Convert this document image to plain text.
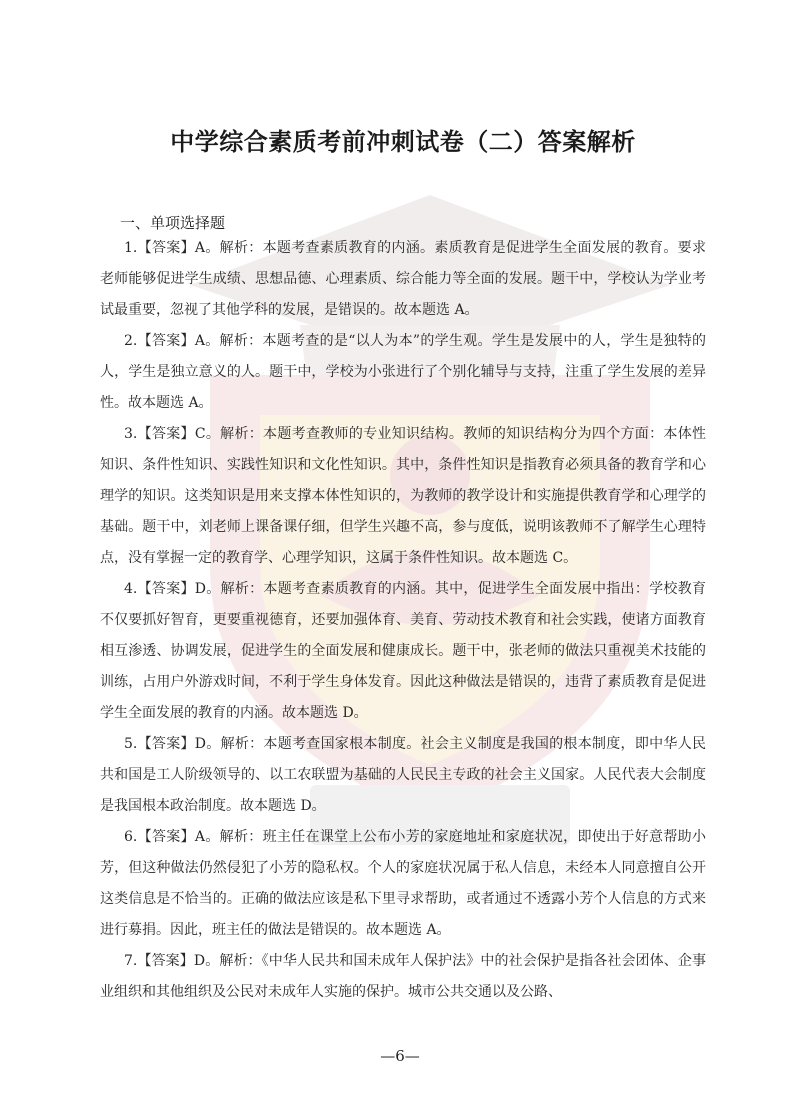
中学综合素质考前冲刺试卷（二）答案解析
一、单项选择题

1.【答案】A。解析：本题考查素质教育的内涵。素质教育是促进学生全面发展的教育。要求老师能够促进学生成绩、思想品德、心理素质、综合能力等全面的发展。题干中，学校认为学业考试最重要，忽视了其他学科的发展，是错误的。故本题选 A。

2.【答案】A。解析：本题考查的是“以人为本”的学生观。学生是发展中的人，学生是独特的人，学生是独立意义的人。题干中，学校为小张进行了个别化辅导与支持，注重了学生发展的差异性。故本题选 A。

3.【答案】C。解析：本题考查教师的专业知识结构。教师的知识结构分为四个方面：本体性知识、条件性知识、实践性知识和文化性知识。其中，条件性知识是指教育必须具备的教育学和心理学的知识。这类知识是用来支撑本体性知识的，为教师的教学设计和实施提供教育学和心理学的基础。题干中，刘老师上课备课仔细，但学生兴趣不高，参与度低，说明该教师不了解学生心理特点，没有掌握一定的教育学、心理学知识，这属于条件性知识。故本题选 C。

4.【答案】D。解析：本题考查素质教育的内涵。其中，促进学生全面发展中指出：学校教育不仅要抓好智育，更要重视德育，还要加强体育、美育、劳动技术教育和社会实践，使诸方面教育相互渗透、协调发展，促进学生的全面发展和健康成长。题干中，张老师的做法只重视美术技能的训练，占用户外游戏时间，不利于学生身体发育。因此这种做法是错误的，违背了素质教育是促进学生全面发展的教育的内涵。故本题选 D。

5.【答案】D。解析：本题考查国家根本制度。社会主义制度是我国的根本制度，即中华人民共和国是工人阶级领导的、以工农联盟为基础的人民民主专政的社会主义国家。人民代表大会制度是我国根本政治制度。故本题选 D。

6.【答案】A。解析：班主任在课堂上公布小芳的家庭地址和家庭状况，即使出于好意帮助小芳，但这种做法仍然侵犯了小芳的隐私权。个人的家庭状况属于私人信息，未经本人同意擅自公开这类信息是不恰当的。正确的做法应该是私下里寻求帮助，或者通过不透露小芳个人信息的方式来进行募捐。因此，班主任的做法是错误的。故本题选 A。

7.【答案】D。解析：《中华人民共和国未成年人保护法》中的社会保护是指各社会团体、企事业组织和其他组织及公民对未成年人实施的保护。城市公共交通以及公路、

—6—
